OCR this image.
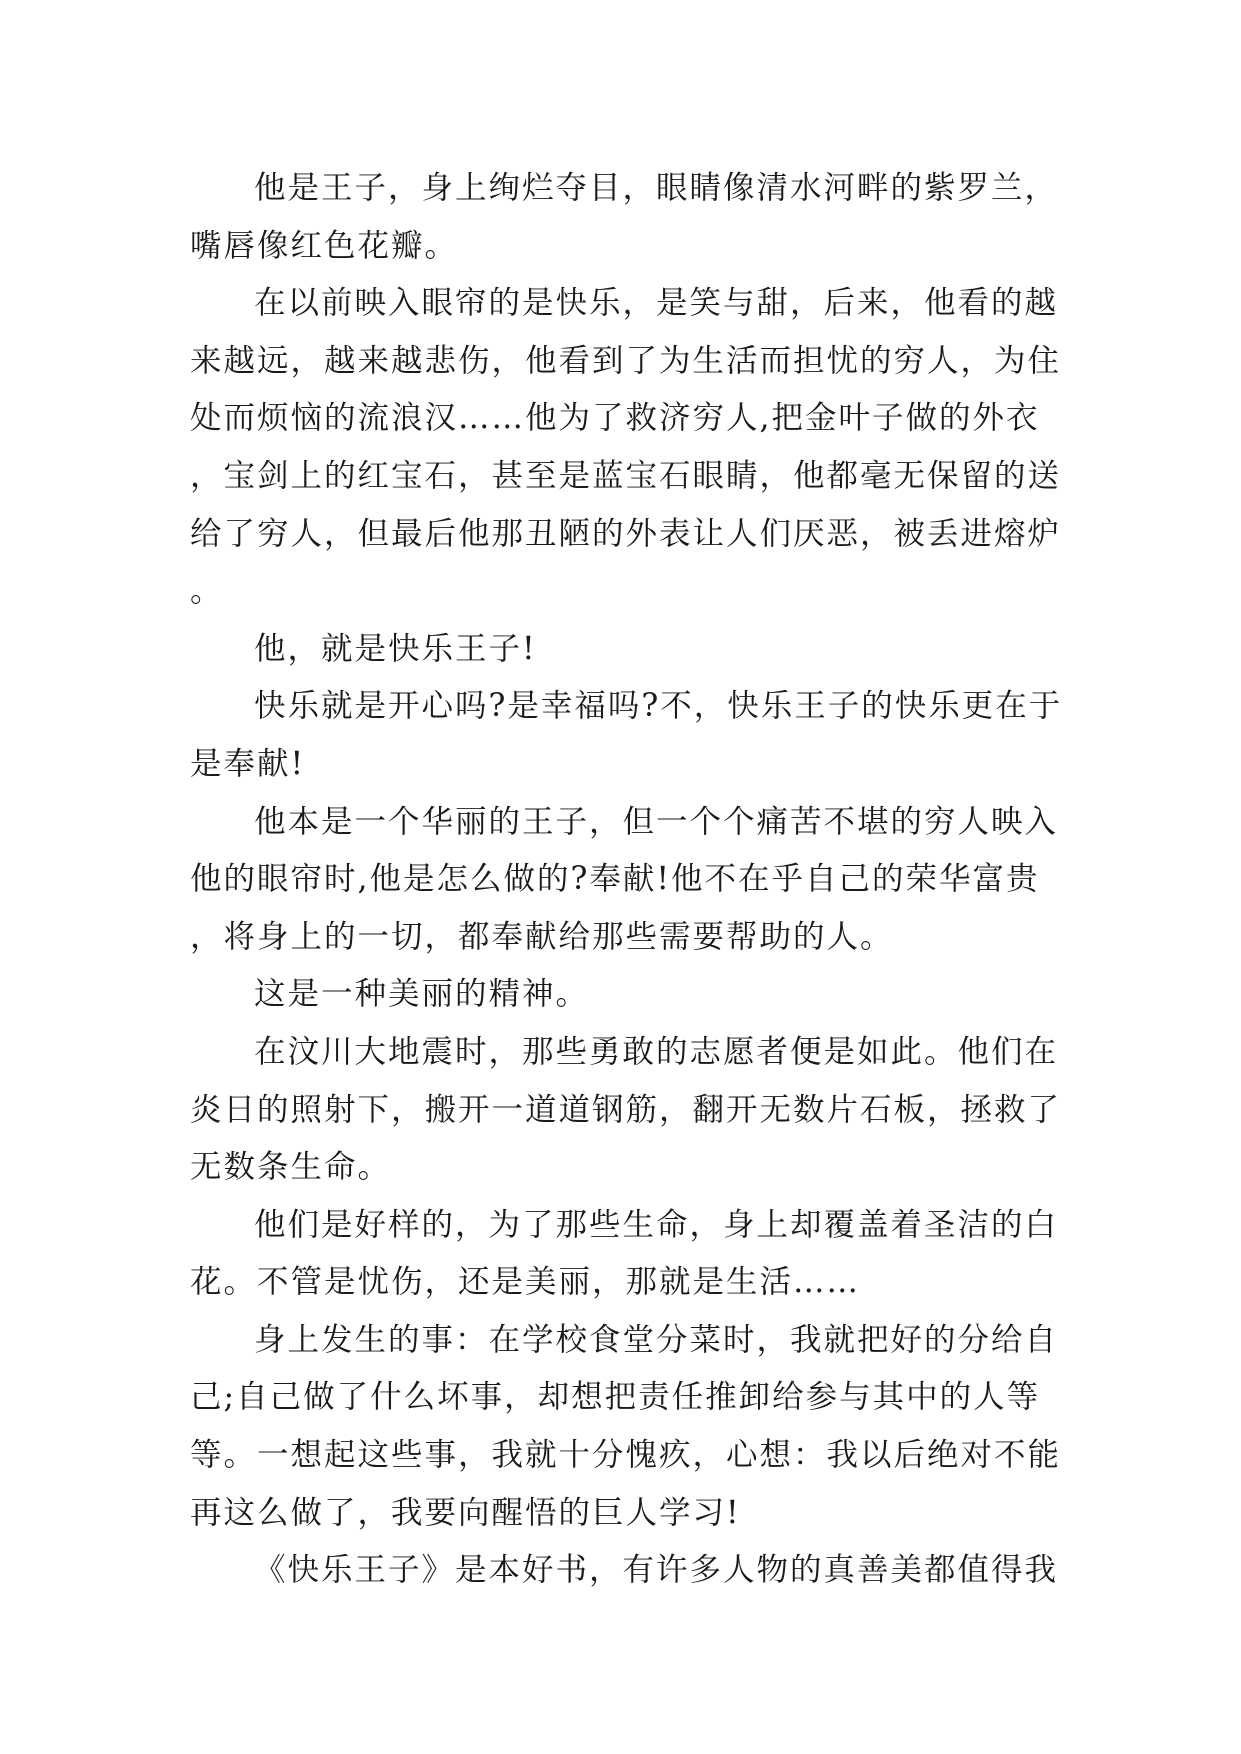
他是王子，身上绚烂夺目，眼睛像清水河畔的紫罗兰，嘴唇像红色花瓣。

在以前映入眼帘的是快乐，是笑与甜，后来，他看的越来越远，越来越悲伤，他看到了为生活而担忧的穷人，为住处而烦恼的流浪汉……他为了救济穷人,把金叶子做的外衣，宝剑上的红宝石，甚至是蓝宝石眼睛，他都毫无保留的送给了穷人，但最后他那丑陋的外表让人们厌恶，被丢进熔炉。

他，就是快乐王子!

快乐就是开心吗?是幸福吗?不，快乐王子的快乐更在于是奉献!

他本是一个华丽的王子，但一个个痛苦不堪的穷人映入他的眼帘时,他是怎么做的?奉献!他不在乎自己的荣华富贵，将身上的一切，都奉献给那些需要帮助的人。

这是一种美丽的精神。

在汶川大地震时，那些勇敢的志愿者便是如此。他们在炎日的照射下，搬开一道道钢筋，翻开无数片石板，拯救了无数条生命。

他们是好样的，为了那些生命，身上却覆盖着圣洁的白花。不管是忧伤，还是美丽，那就是生活……

身上发生的事：在学校食堂分菜时，我就把好的分给自己;自己做了什么坏事，却想把责任推卸给参与其中的人等等。一想起这些事，我就十分愧疚，心想：我以后绝对不能再这么做了，我要向醒悟的巨人学习!

《快乐王子》是本好书，有许多人物的真善美都值得我
